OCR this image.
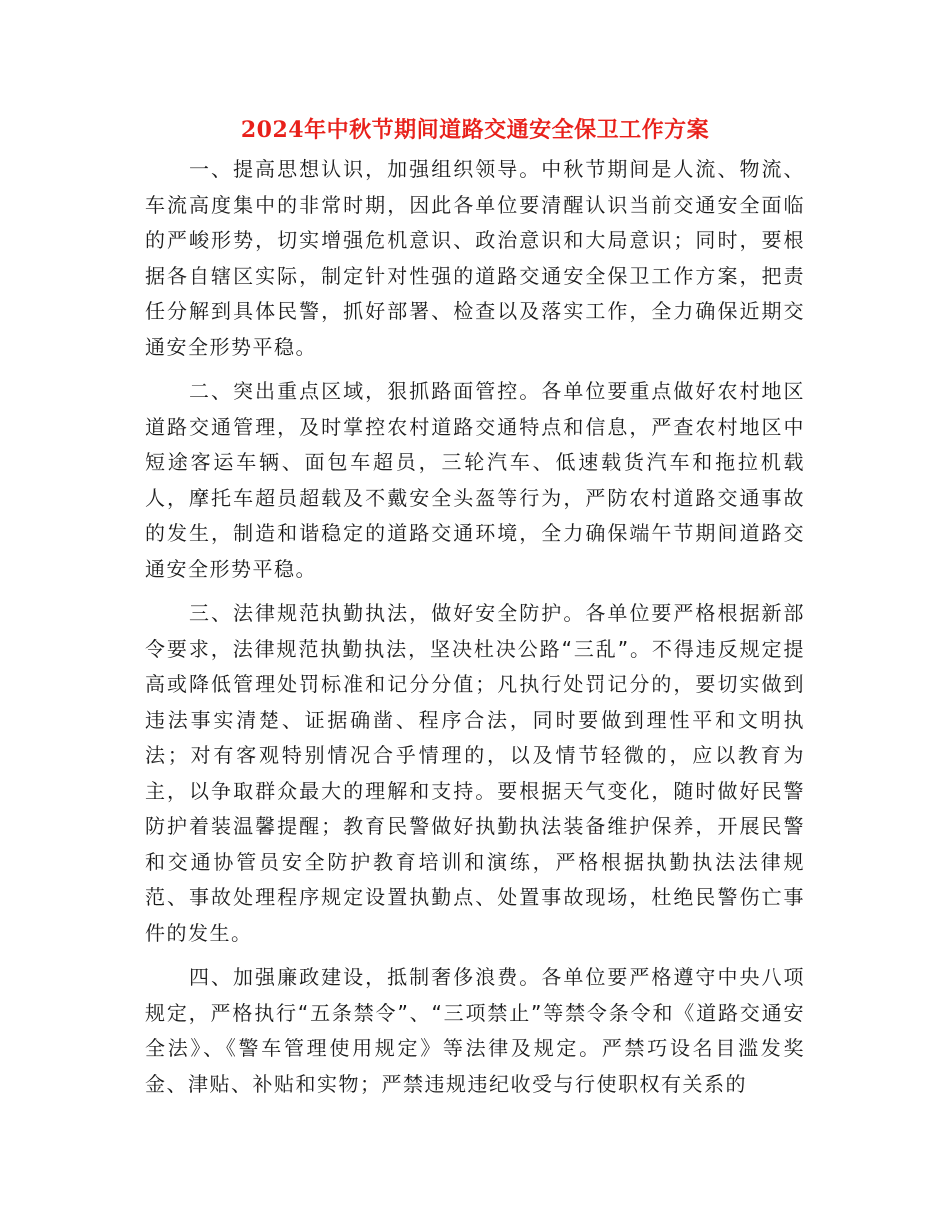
2024年中秋节期间道路交通安全保卫工作方案

一、提高思想认识，加强组织领导。中秋节期间是人流、物流、车流高度集中的非常时期，因此各单位要清醒认识当前交通安全面临的严峻形势，切实增强危机意识、政治意识和大局意识；同时，要根据各自辖区实际，制定针对性强的道路交通安全保卫工作方案，把责任分解到具体民警，抓好部署、检查以及落实工作，全力确保近期交通安全形势平稳。

二、突出重点区域，狠抓路面管控。各单位要重点做好农村地区道路交通管理，及时掌控农村道路交通特点和信息，严查农村地区中短途客运车辆、面包车超员，三轮汽车、低速载货汽车和拖拉机载人，摩托车超员超载及不戴安全头盔等行为，严防农村道路交通事故的发生，制造和谐稳定的道路交通环境，全力确保端午节期间道路交通安全形势平稳。

三、法律规范执勤执法，做好安全防护。各单位要严格根据新部令要求，法律规范执勤执法，坚决杜决公路“三乱”。不得违反规定提高或降低管理处罚标准和记分分值；凡执行处罚记分的，要切实做到违法事实清楚、证据确凿、程序合法，同时要做到理性平和文明执法；对有客观特别情况合乎情理的，以及情节轻微的，应以教育为主，以争取群众最大的理解和支持。要根据天气变化，随时做好民警防护着装温馨提醒；教育民警做好执勤执法装备维护保养，开展民警和交通协管员安全防护教育培训和演练，严格根据执勤执法法律规范、事故处理程序规定设置执勤点、处置事故现场，杜绝民警伤亡事件的发生。

四、加强廉政建设，抵制奢侈浪费。各单位要严格遵守中央八项规定，严格执行“五条禁令”、“三项禁止”等禁令条令和《道路交通安全法》、《警车管理使用规定》等法律及规定。严禁巧设名目滥发奖金、津贴、补贴和实物；严禁违规违纪收受与行使职权有关系的
